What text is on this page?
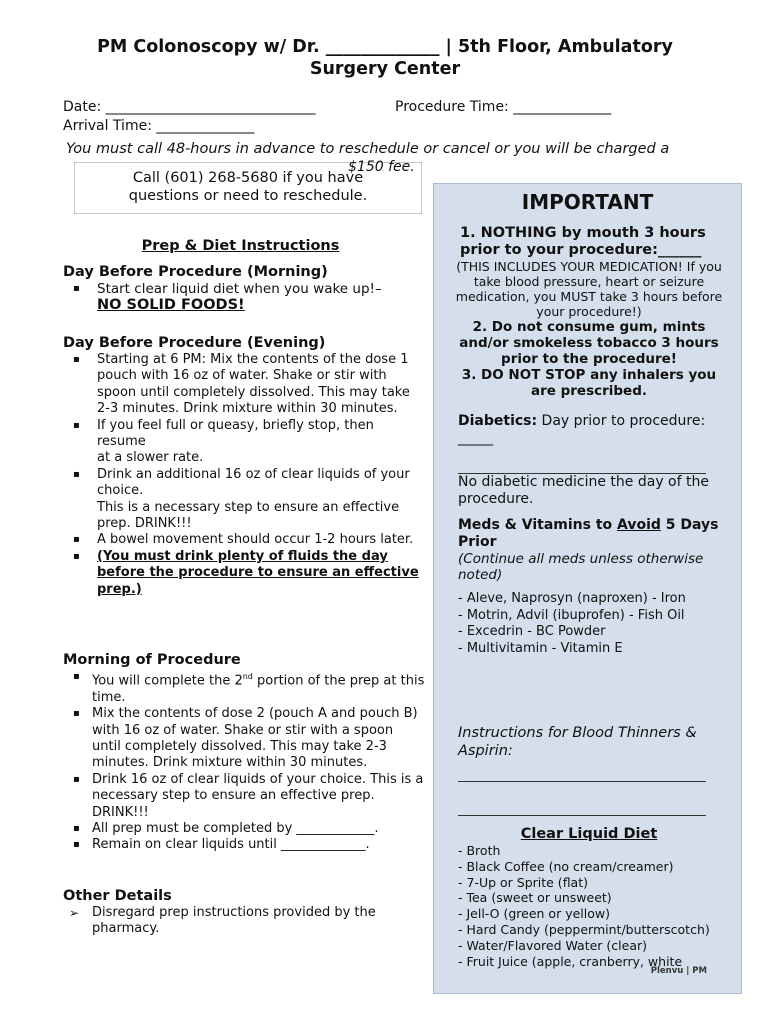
PM Colonoscopy w/ Dr. _____________ | 5th Floor, Ambulatory
Surgery Center
Date: ______________________________	Procedure Time: ______________
Arrival Time: ______________
You must call 48-hours in advance to reschedule or cancel or you will be charged a
Call (601) 268-5680 if you have
questions or need to reschedule.
$150 fee.
Prep & Diet Instructions
Day Before Procedure (Morning)
▪ Start clear liquid diet when you wake up!–
NO SOLID FOODS!
Day Before Procedure (Evening)
▪ Starting at 6 PM: Mix the contents of the dose 1 pouch with 16 oz of water. Shake or stir with spoon until completely dissolved. This may take 2-3 minutes. Drink mixture within 30 minutes.
▪ If you feel full or queasy, briefly stop, then resume
at a slower rate.
▪ Drink an additional 16 oz of clear liquids of your choice.
This is a necessary step to ensure an effective prep. DRINK!!!
▪ A bowel movement should occur 1-2 hours later.
▪ (You must drink plenty of fluids the day before the procedure to ensure an effective prep.)
Morning of Procedure
▪ You will complete the 2nd portion of the prep at this time.
▪ Mix the contents of dose 2 (pouch A and pouch B) with 16 oz of water. Shake or stir with a spoon until completely dissolved. This may take 2-3 minutes. Drink mixture within 30 minutes.
▪ Drink 16 oz of clear liquids of your choice. This is a necessary step to ensure an effective prep. DRINK!!!
▪ All prep must be completed by ____________.
▪ Remain on clear liquids until _____________.
Other Details
➢ Disregard prep instructions provided by the pharmacy.
IMPORTANT
1. NOTHING by mouth 3 hours prior to your procedure:______
(THIS INCLUDES YOUR MEDICATION! If you take blood pressure, heart or seizure medication, you MUST take 3 hours before your procedure!)
2. Do not consume gum, mints and/or smokeless tobacco 3 hours prior to the procedure!
3. DO NOT STOP any inhalers you are prescribed.
Diabetics: Day prior to procedure: _____
No diabetic medicine the day of the procedure.
Meds & Vitamins to Avoid 5 Days Prior
(Continue all meds unless otherwise noted)
- Aleve, Naprosyn (naproxen) - Iron
- Motrin, Advil (ibuprofen) - Fish Oil
- Excedrin - BC Powder
- Multivitamin - Vitamin E
Instructions for Blood Thinners & Aspirin:
Clear Liquid Diet
- Broth
- Black Coffee (no cream/creamer)
- 7-Up or Sprite (flat)
- Tea (sweet or unsweet)
- Jell-O (green or yellow)
- Hard Candy (peppermint/butterscotch)
- Water/Flavored Water (clear)
- Fruit Juice (apple, cranberry, white
Plenvu | PM
